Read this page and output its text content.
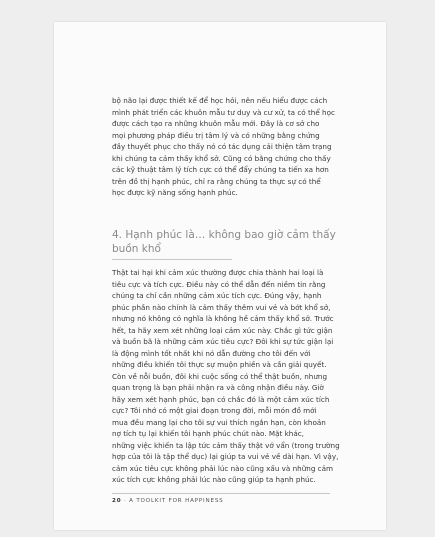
bộ não lại được thiết kế để học hỏi, nên nếu hiểu được cách
mình phát triển các khuôn mẫu tư duy và cư xử, ta có thể học
được cách tạo ra những khuôn mẫu mới. Đây là cơ sở cho
mọi phương pháp điều trị tâm lý và có những bằng chứng
đầy thuyết phục cho thấy nó có tác dụng cải thiện tâm trạng
khi chúng ta cảm thấy khổ sở. Cũng có bằng chứng cho thấy
các kỹ thuật tâm lý tích cực có thể đẩy chúng ta tiến xa hơn
trên đồ thị hạnh phúc, chỉ ra rằng chúng ta thực sự có thể
học được kỹ năng sống hạnh phúc.
4. Hạnh phúc là… không bao giờ cảm thấy
buồn khổ
Thật tai hại khi cảm xúc thường được chia thành hai loại là
tiêu cực và tích cực. Điều này có thể dẫn đến niềm tin rằng
chúng ta chỉ cần những cảm xúc tích cực. Đúng vậy, hạnh
phúc phần nào chính là cảm thấy thêm vui vẻ và bớt khổ sở,
nhưng nó không có nghĩa là không hề cảm thấy khổ sở. Trước
hết, ta hãy xem xét những loại cảm xúc này. Chắc gì tức giận
và buồn bã là những cảm xúc tiêu cực? Đôi khi sự tức giận lại
là động mình tốt nhất khi nó dẫn đường cho tôi đến với
những điều khiến tôi thực sự muộn phiền và cần giải quyết.
Còn về nỗi buồn, đôi khi cuộc sống có thể thật buồn, nhưng
quan trọng là bạn phải nhận ra và công nhận điều này. Giờ
hãy xem xét hạnh phúc, bạn có chắc đó là một cảm xúc tích
cực? Tôi nhớ có một giai đoạn trong đời, mỗi món đồ mới
mua đều mang lại cho tôi sự vui thích ngắn hạn, còn khoản
nợ tích tụ lại khiến tôi hạnh phúc chút nào. Mặt khác,
những việc khiến ta lập tức cảm thấy thật vớ vẩn (trong trường
hợp của tôi là tập thể dục) lại giúp ta vui vẻ về dài hạn. Vì vậy,
cảm xúc tiêu cực không phải lúc nào cũng xấu và những cảm
xúc tích cực không phải lúc nào cũng giúp ta hạnh phúc.
20 · A TOOLKIT FOR HAPPINESS
